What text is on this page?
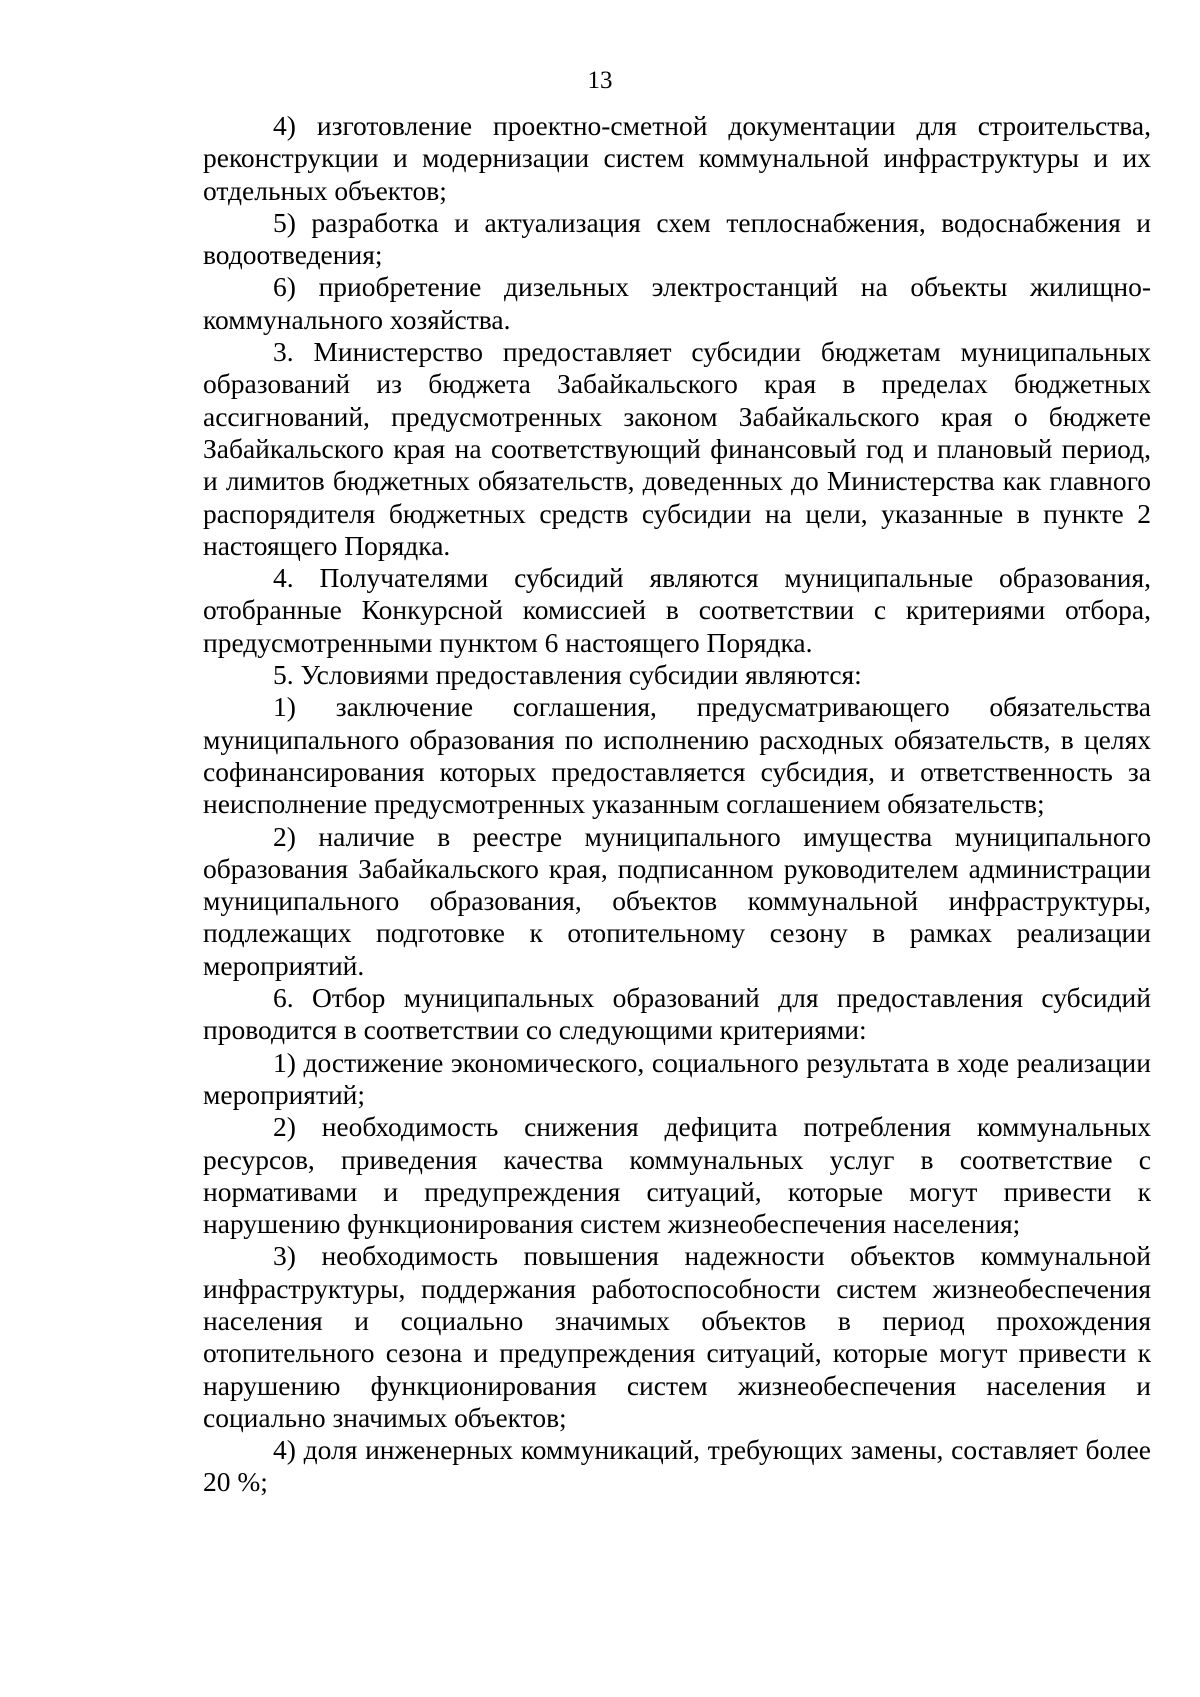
13

4) изготовление проектно-сметной документации для строительства, реконструкции и модернизации систем коммунальной инфраструктуры и их отдельных объектов;

5) разработка и актуализация схем теплоснабжения, водоснабжения и водоотведения;

6) приобретение дизельных электростанций на объекты жилищно-коммунального хозяйства.

3. Министерство предоставляет субсидии бюджетам муниципальных образований из бюджета Забайкальского края в пределах бюджетных ассигнований, предусмотренных законом Забайкальского края о бюджете Забайкальского края на соответствующий финансовый год и плановый период, и лимитов бюджетных обязательств, доведенных до Министерства как главного распорядителя бюджетных средств субсидии на цели, указанные в пункте 2 настоящего Порядка.

4. Получателями субсидий являются муниципальные образования, отобранные Конкурсной комиссией в соответствии с критериями отбора, предусмотренными пунктом 6 настоящего Порядка.

5. Условиями предоставления субсидии являются:

1) заключение соглашения, предусматривающего обязательства муниципального образования по исполнению расходных обязательств, в целях софинансирования которых предоставляется субсидия, и ответственность за неисполнение предусмотренных указанным соглашением обязательств;

2) наличие в реестре муниципального имущества муниципального образования Забайкальского края, подписанном руководителем администрации муниципального образования, объектов коммунальной инфраструктуры, подлежащих подготовке к отопительному сезону в рамках реализации мероприятий.

6. Отбор муниципальных образований для предоставления субсидий проводится в соответствии со следующими критериями:

1) достижение экономического, социального результата в ходе реализации мероприятий;

2) необходимость снижения дефицита потребления коммунальных ресурсов, приведения качества коммунальных услуг в соответствие с нормативами и предупреждения ситуаций, которые могут привести к нарушению функционирования систем жизнеобеспечения населения;

3) необходимость повышения надежности объектов коммунальной инфраструктуры, поддержания работоспособности систем жизнеобеспечения населения и социально значимых объектов в период прохождения отопительного сезона и предупреждения ситуаций, которые могут привести к нарушению функционирования систем жизнеобеспечения населения и социально значимых объектов;

4) доля инженерных коммуникаций, требующих замены, составляет более 20 %;
